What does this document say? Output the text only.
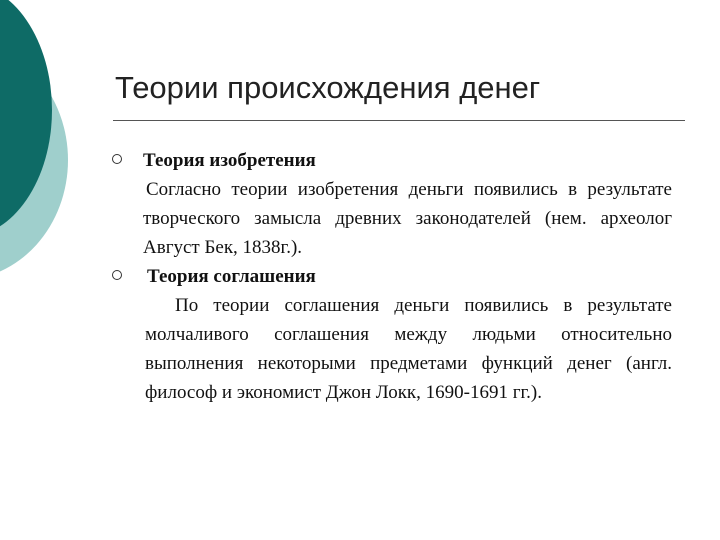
Теории происхождения денег
Теория изобретения
Согласно теории изобретения деньги появились в результате творческого замысла древних законодателей (нем. археолог Август Бек, 1838г.).
Теория соглашения
По теории соглашения деньги появились в результате молчаливого соглашения между людьми относительно выполнения некоторыми предметами функций денег (англ. философ и экономист Джон Локк, 1690-1691 гг.).
